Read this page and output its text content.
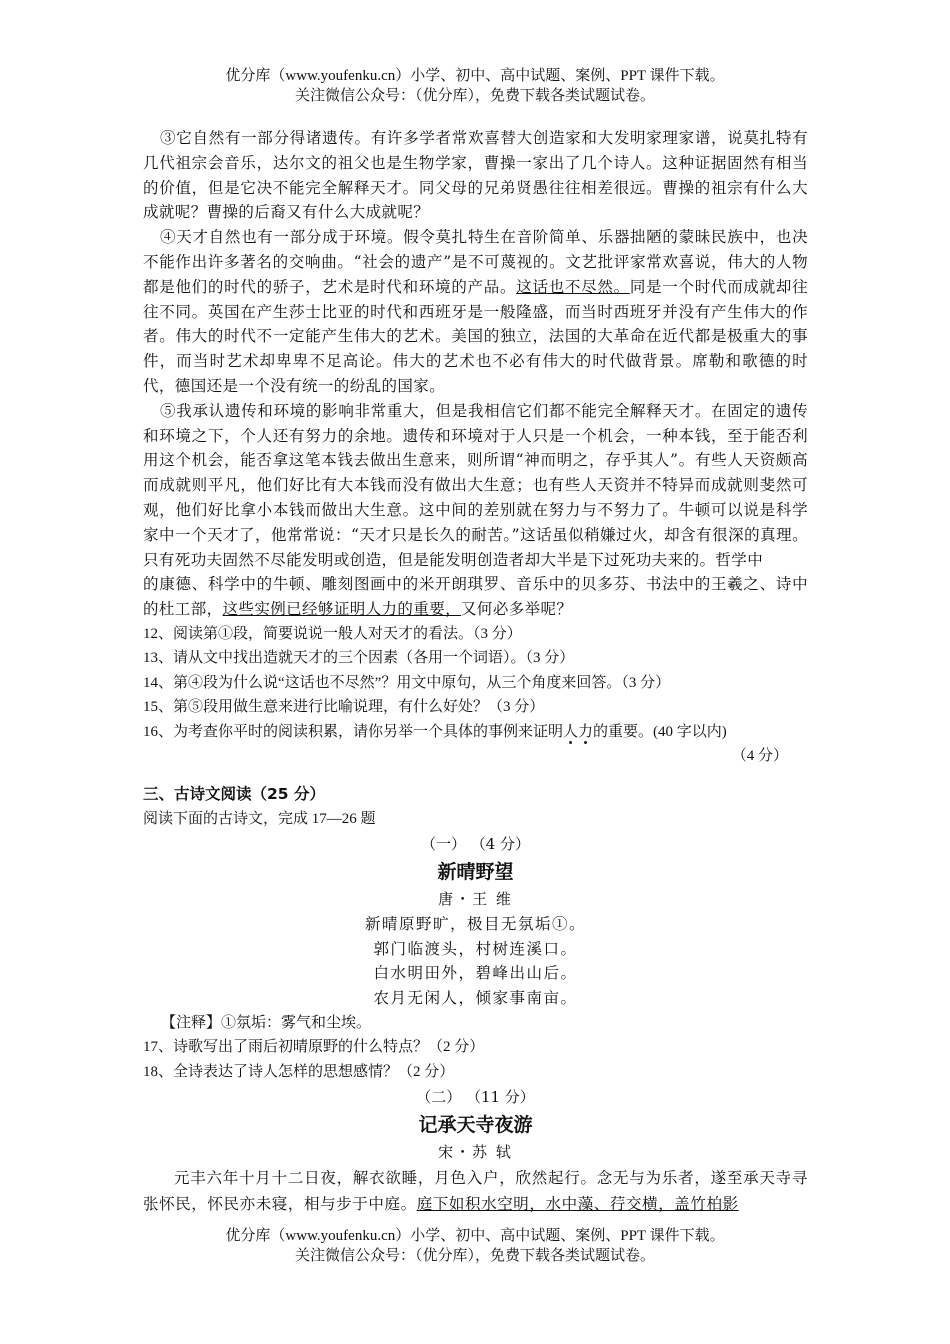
优分库（www.youfenku.cn）小学、初中、高中试题、案例、PPT 课件下载。
关注微信公众号：（优分库），免费下载各类试题试卷。

③它自然有一部分得诸遗传。有许多学者常欢喜替大创造家和大发明家理家谱，说莫扎特有几代祖宗会音乐，达尔文的祖父也是生物学家，曹操一家出了几个诗人。这种证据固然有相当的价值，但是它决不能完全解释天才。同父母的兄弟贤愚往往相差很远。曹操的祖宗有什么大成就呢？曹操的后裔又有什么大成就呢？

④天才自然也有一部分成于环境。假令莫扎特生在音阶简单、乐器拙陋的蒙昧民族中，也决不能作出许多著名的交响曲。“社会的遗产”是不可蔑视的。文艺批评家常欢喜说，伟大的人物都是他们的时代的骄子，艺术是时代和环境的产品。这话也不尽然。同是一个时代而成就却往往不同。英国在产生莎士比亚的时代和西班牙是一般隆盛，而当时西班牙并没有产生伟大的作者。伟大的时代不一定能产生伟大的艺术。美国的独立，法国的大革命在近代都是极重大的事件，而当时艺术却卑卑不足高论。伟大的艺术也不必有伟大的时代做背景。席勒和歌德的时代，德国还是一个没有统一的纷乱的国家。

⑤我承认遗传和环境的影响非常重大，但是我相信它们都不能完全解释天才。在固定的遗传和环境之下，个人还有努力的余地。遗传和环境对于人只是一个机会，一种本钱，至于能否利用这个机会，能否拿这笔本钱去做出生意来，则所谓“神而明之，存乎其人”。有些人天资颇高而成就则平凡，他们好比有大本钱而没有做出大生意；也有些人天资并不特异而成就则斐然可观，他们好比拿小本钱而做出大生意。这中间的差别就在努力与不努力了。牛顿可以说是科学家中一个天才了，他常常说：“天才只是长久的耐苦。”这话虽似稍嫌过火，却含有很深的真理。只有死功夫固然不尽能发明或创造，但是能发明创造者却大半是下过死功夫来的。哲学中

的康德、科学中的牛顿、雕刻图画中的米开朗琪罗、音乐中的贝多芬、书法中的王羲之、诗中的杜工部，这些实例已经够证明人力的重要，又何必多举呢？

12、阅读第①段，简要说说一般人对天才的看法。（3 分）

13、请从文中找出造就天才的三个因素（各用一个词语）。（3 分）

14、第④段为什么说“这话也不尽然”？用文中原句，从三个角度来回答。（3 分）

15、第⑤段用做生意来进行比喻说理，有什么好处？（3 分）

16、为考查你平时的阅读积累，请你另举一个具体的事例来证明人力的重要。(40 字以内)

（4 分）

三、古诗文阅读（25 分）

阅读下面的古诗文，完成 17—26 题

（一） （4 分）
新晴野望
唐・王 维
新晴原野旷，极目无氛垢①。
郭门临渡头，村树连溪口。
白水明田外，碧峰出山后。
农月无闲人，倾家事南亩。
【注释】①氛垢：雾气和尘埃。

17、诗歌写出了雨后初晴原野的什么特点？（2 分）

18、全诗表达了诗人怎样的思想感情？（2 分）

（二） （11 分）
记承天寺夜游
宋・苏 轼

元丰六年十月十二日夜，解衣欲睡，月色入户，欣然起行。念无与为乐者，遂至承天寺寻张怀民，怀民亦未寝，相与步于中庭。庭下如积水空明，水中藻、荇交横，盖竹柏影

优分库（www.youfenku.cn）小学、初中、高中试题、案例、PPT 课件下载。
关注微信公众号：（优分库），免费下载各类试题试卷。
